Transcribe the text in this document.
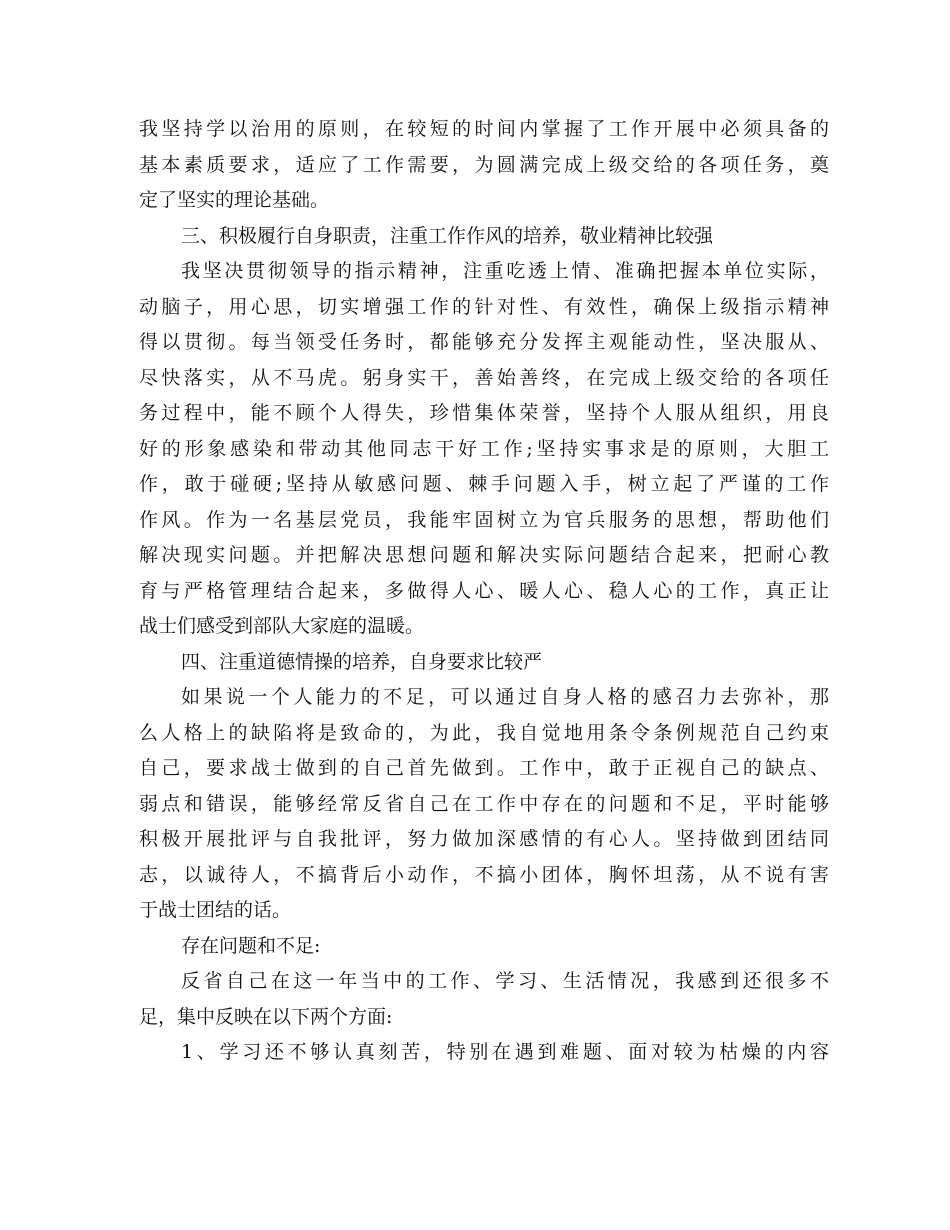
我坚持学以治用的原则，在较短的时间内掌握了工作开展中必须具备的
基本素质要求，适应了工作需要，为圆满完成上级交给的各项任务，奠
定了坚实的理论基础。
三、积极履行自身职责，注重工作作风的培养，敬业精神比较强
我坚决贯彻领导的指示精神，注重吃透上情、准确把握本单位实际，
动脑子，用心思，切实增强工作的针对性、有效性，确保上级指示精神
得以贯彻。每当领受任务时，都能够充分发挥主观能动性，坚决服从、
尽快落实，从不马虎。躬身实干，善始善终，在完成上级交给的各项任
务过程中，能不顾个人得失，珍惜集体荣誉，坚持个人服从组织，用良
好的形象感染和带动其他同志干好工作;坚持实事求是的原则，大胆工
作，敢于碰硬;坚持从敏感问题、棘手问题入手，树立起了严谨的工作
作风。作为一名基层党员，我能牢固树立为官兵服务的思想，帮助他们
解决现实问题。并把解决思想问题和解决实际问题结合起来，把耐心教
育与严格管理结合起来，多做得人心、暖人心、稳人心的工作，真正让
战士们感受到部队大家庭的温暖。
四、注重道德情操的培养，自身要求比较严
如果说一个人能力的不足，可以通过自身人格的感召力去弥补，那
么人格上的缺陷将是致命的，为此，我自觉地用条令条例规范自己约束
自己，要求战士做到的自己首先做到。工作中，敢于正视自己的缺点、
弱点和错误，能够经常反省自己在工作中存在的问题和不足，平时能够
积极开展批评与自我批评，努力做加深感情的有心人。坚持做到团结同
志，以诚待人，不搞背后小动作，不搞小团体，胸怀坦荡，从不说有害
于战士团结的话。
存在问题和不足:
反省自己在这一年当中的工作、学习、生活情况，我感到还很多不
足，集中反映在以下两个方面:
1、学习还不够认真刻苦，特别在遇到难题、面对较为枯燥的内容
